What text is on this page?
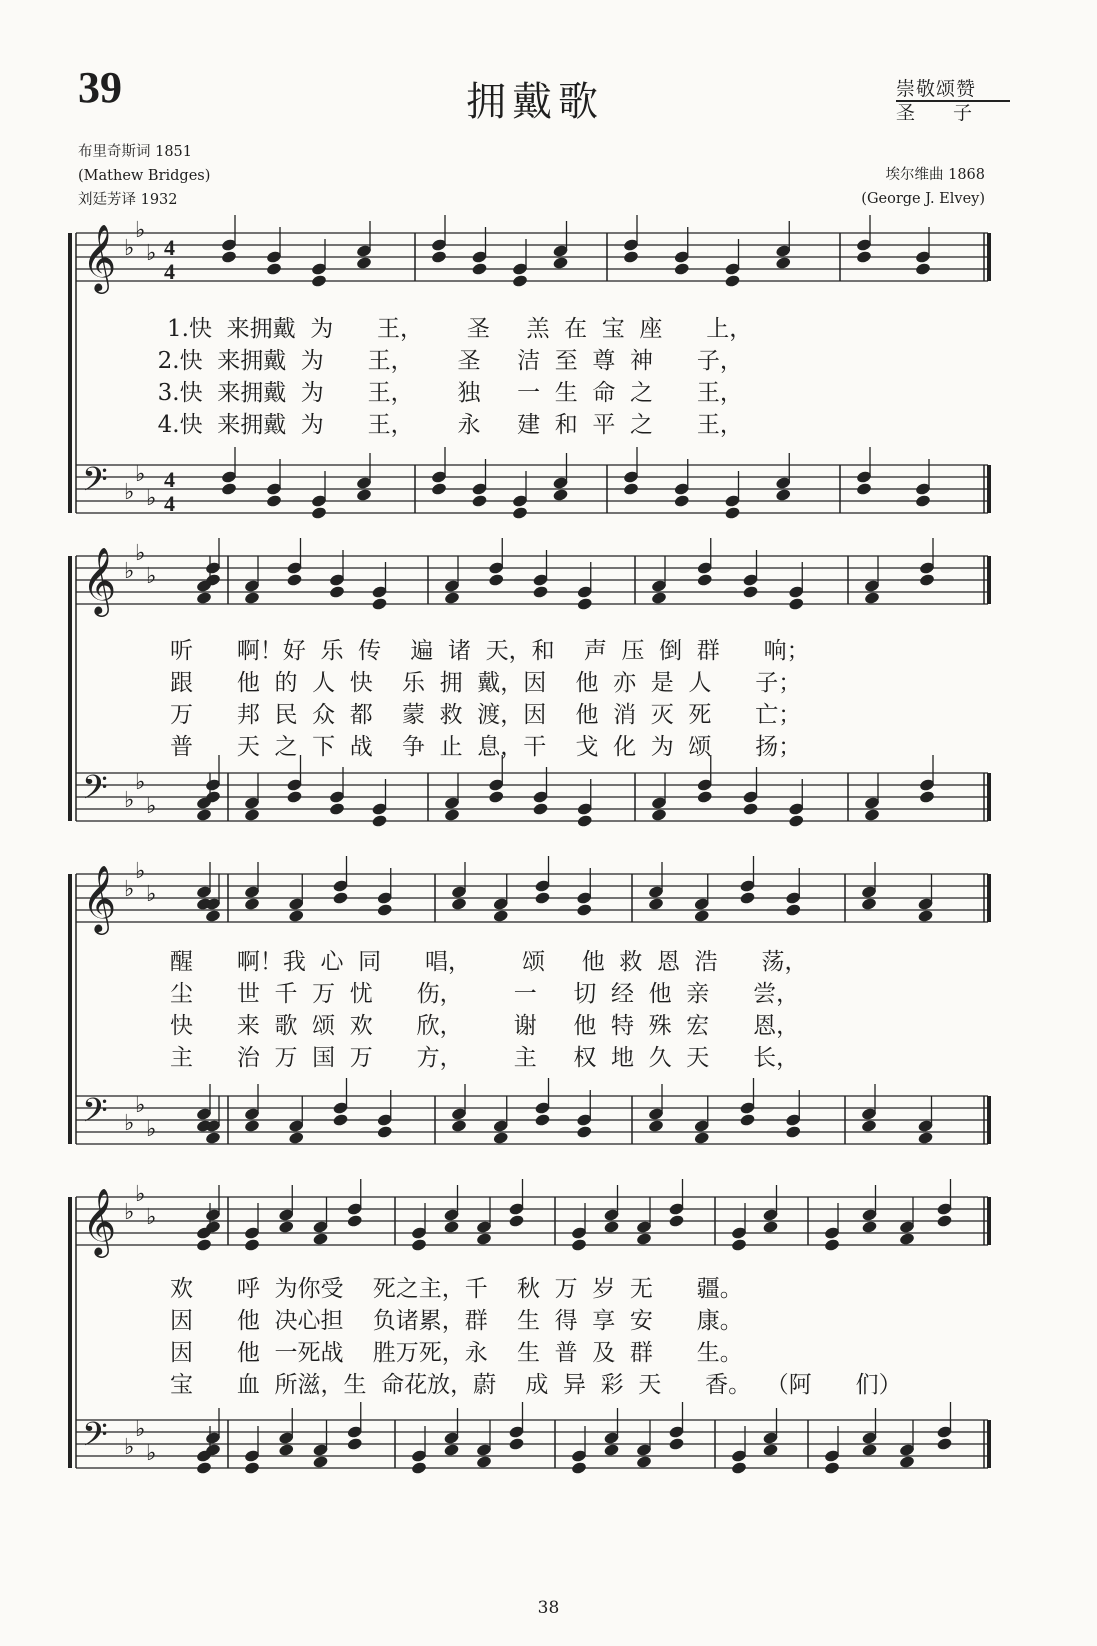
39	拥戴歌	崇敬颂赞
圣子
布里奇斯词 1851
(Mathew Bridges)
刘廷芳译 1932
埃尔维曲 1868
(George J. Elvey)
𝄞 ♭
♭
♭ 4
4
𝄢 ♭
♭
♭
4
4
𝄞 ♭
♭
♭
𝄢 ♭
♭
♭
𝄞 ♭
♭
♭
𝄢 ♭
♭
♭
𝄞 ♭
♭
♭
𝄢 ♭
♭
♭
1.快  来拥戴  为      王，      圣     羔  在  宝  座      上，
2.快  来拥戴  为      王，      圣     洁  至  尊  神      子，
3.快  来拥戴  为      王，      独     一  生  命  之      王，
4.快  来拥戴  为      王，      永     建  和  平  之      王，
听      啊！好  乐  传    遍  诸  天，和    声  压  倒  群      响；
跟      他  的  人  快    乐  拥  戴，因    他  亦  是  人      子；
万      邦  民  众  都    蒙  救  渡，因    他  消  灭  死      亡；
普      天  之  下  战    争  止  息，干    戈  化  为  颂      扬；
醒      啊！我  心  同      唱，       颂     他  救  恩  浩      荡，
尘      世  千  万  忧      伤，       一     切  经  他  亲      尝，
快      来  歌  颂  欢      欣，       谢     他  特  殊  宏      恩，
主      治  万  国  万      方，       主     权  地  久  天      长，
欢      呼  为你受    死之主，千    秋  万  岁  无      疆。
因      他  决心担    负诸累，群    生  得  享  安      康。
因      他  一死战    胜万死，永    生  普  及  群      生。
宝      血  所滋，生  命花放，蔚    成  异  彩  天      香。  （阿      们）
38
